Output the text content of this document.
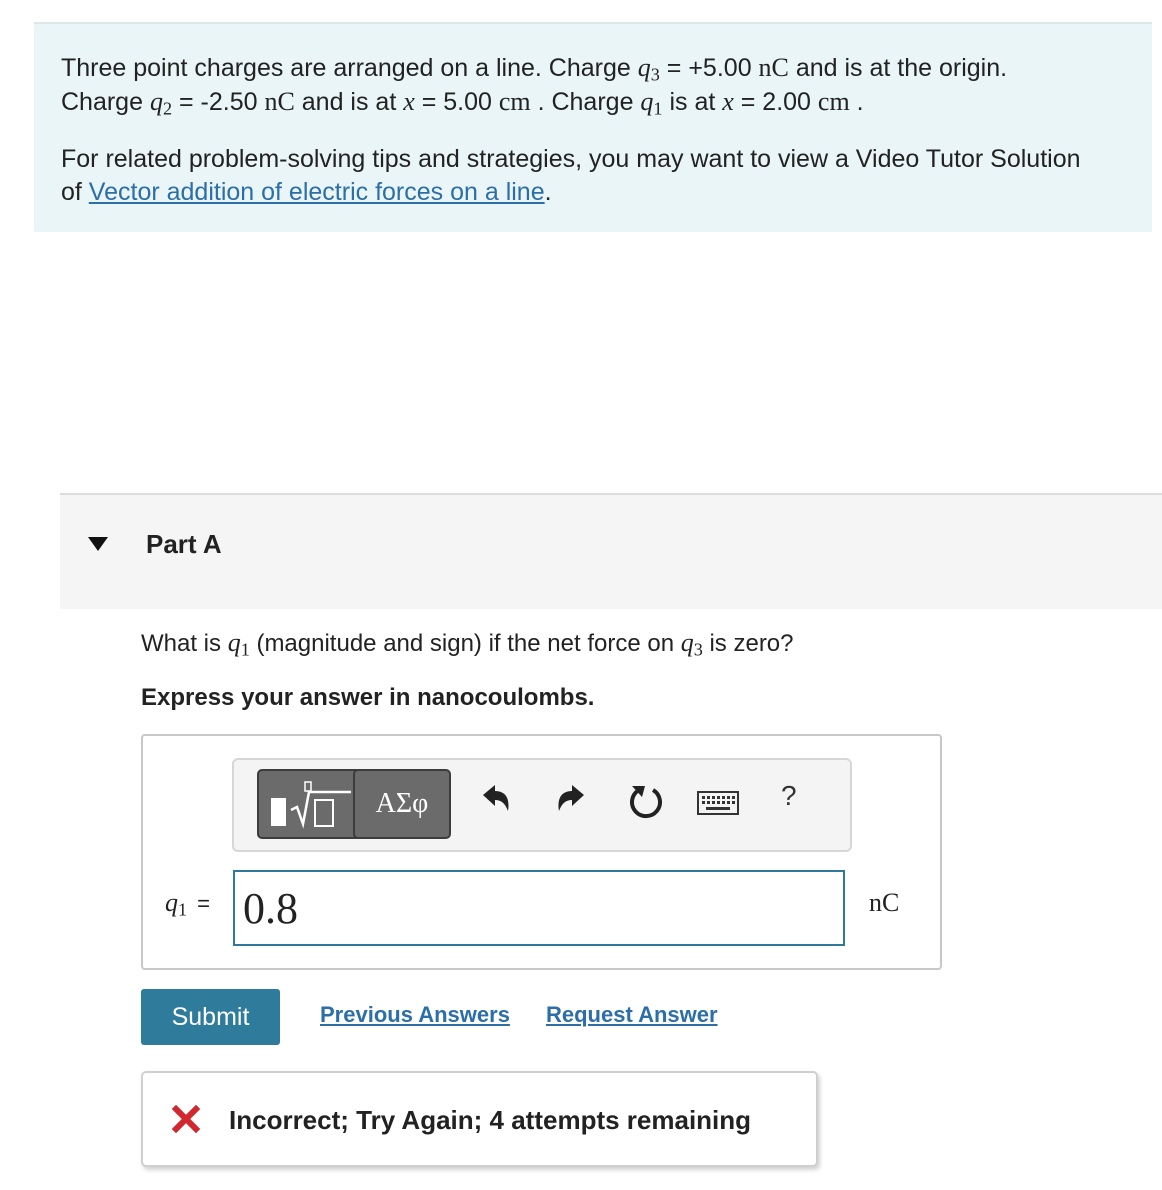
Three point charges are arranged on a line. Charge $q_3 = +5.00$ nC and is at the origin.
Charge $q_2 = -2.50$ nC and is at x = 5.00 cm . Charge $q_1$ is at x = 2.00 cm .
For related problem-solving tips and strategies, you may want to view a Video Tutor Solution
of Vector addition of electric forces on a line.
Part A
What is $q_1$ (magnitude and sign) if the net force on $q_3$ is zero?
Express your answer in nanocoulombs.
ΑΣφ	?
$q_1$ =
0.8	nC
Submit	Previous Answers Request Answer
Incorrect; Try Again; 4 attempts remaining
